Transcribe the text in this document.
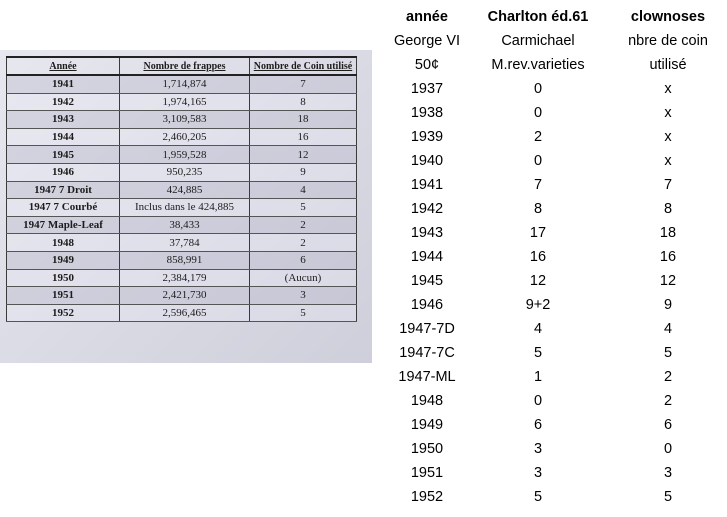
Année	Nombre de frappes	Nombre de Coin utilisé
1941	1,714,874	7
1942	1,974,165	8
1943	3,109,583	18
1944	2,460,205	16
1945	1,959,528	12
1946	950,235	9
1947 7 Droit	424,885	4
1947 7 Courbé	Inclus dans le 424,885	5
1947 Maple-Leaf	38,433	2
1948	37,784	2
1949	858,991	6
1950	2,384,179	(Aucun)
1951	2,421,730	3
1952	2,596,465	5
année	Charlton éd.61	clownoses
George VI	Carmichael	nbre de coin
50¢	M.rev.varieties	utilisé
1937	0	x
1938	0	x
1939	2	x
1940	0	x
1941	7	7
1942	8	8
1943	17	18
1944	16	16
1945	12	12
1946	9+2	9
1947-7D	4	4
1947-7C	5	5
1947-ML	1	2
1948	0	2
1949	6	6
1950	3	0
1951	3	3
1952	5	5
